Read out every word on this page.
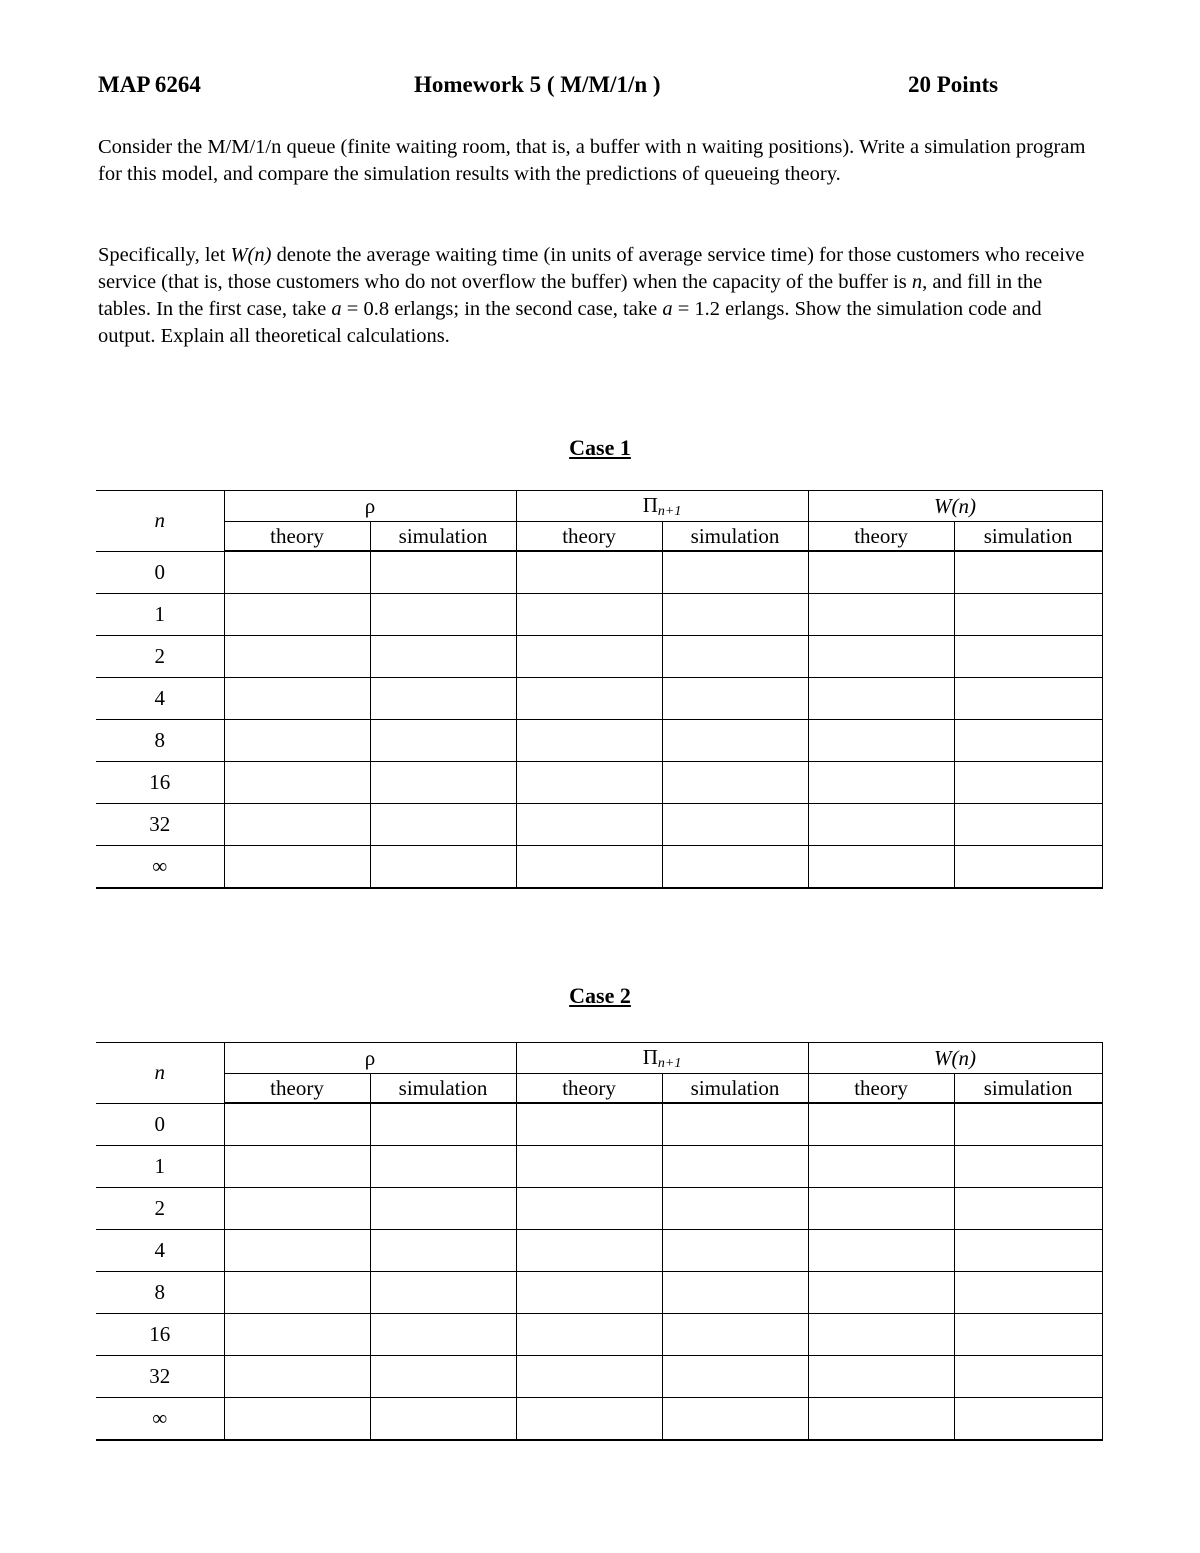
MAP 6264	Homework 5 ( M/M/1/n )	20 Points

Consider the M/M/1/n queue (finite waiting room, that is, a buffer with n waiting positions). Write a simulation program for this model, and compare the simulation results with the predictions of queueing theory.

Specifically, let W(n) denote the average waiting time (in units of average service time) for those customers who receive service (that is, those customers who do not overflow the buffer) when the capacity of the buffer is n, and fill in the tables. In the first case, take a = 0.8 erlangs; in the second case, take a = 1.2 erlangs. Show the simulation code and output. Explain all theoretical calculations.

Case 1
n	ρ		$\Pi_{n+1}$		W(n)	
	theory	simulation	theory	simulation	theory	simulation
0						
1						
2						
4						
8						
16						
32						
∞						
Case 2
n	ρ		$\Pi_{n+1}$		W(n)	
	theory	simulation	theory	simulation	theory	simulation
0						
1						
2						
4						
8						
16						
32						
∞						
